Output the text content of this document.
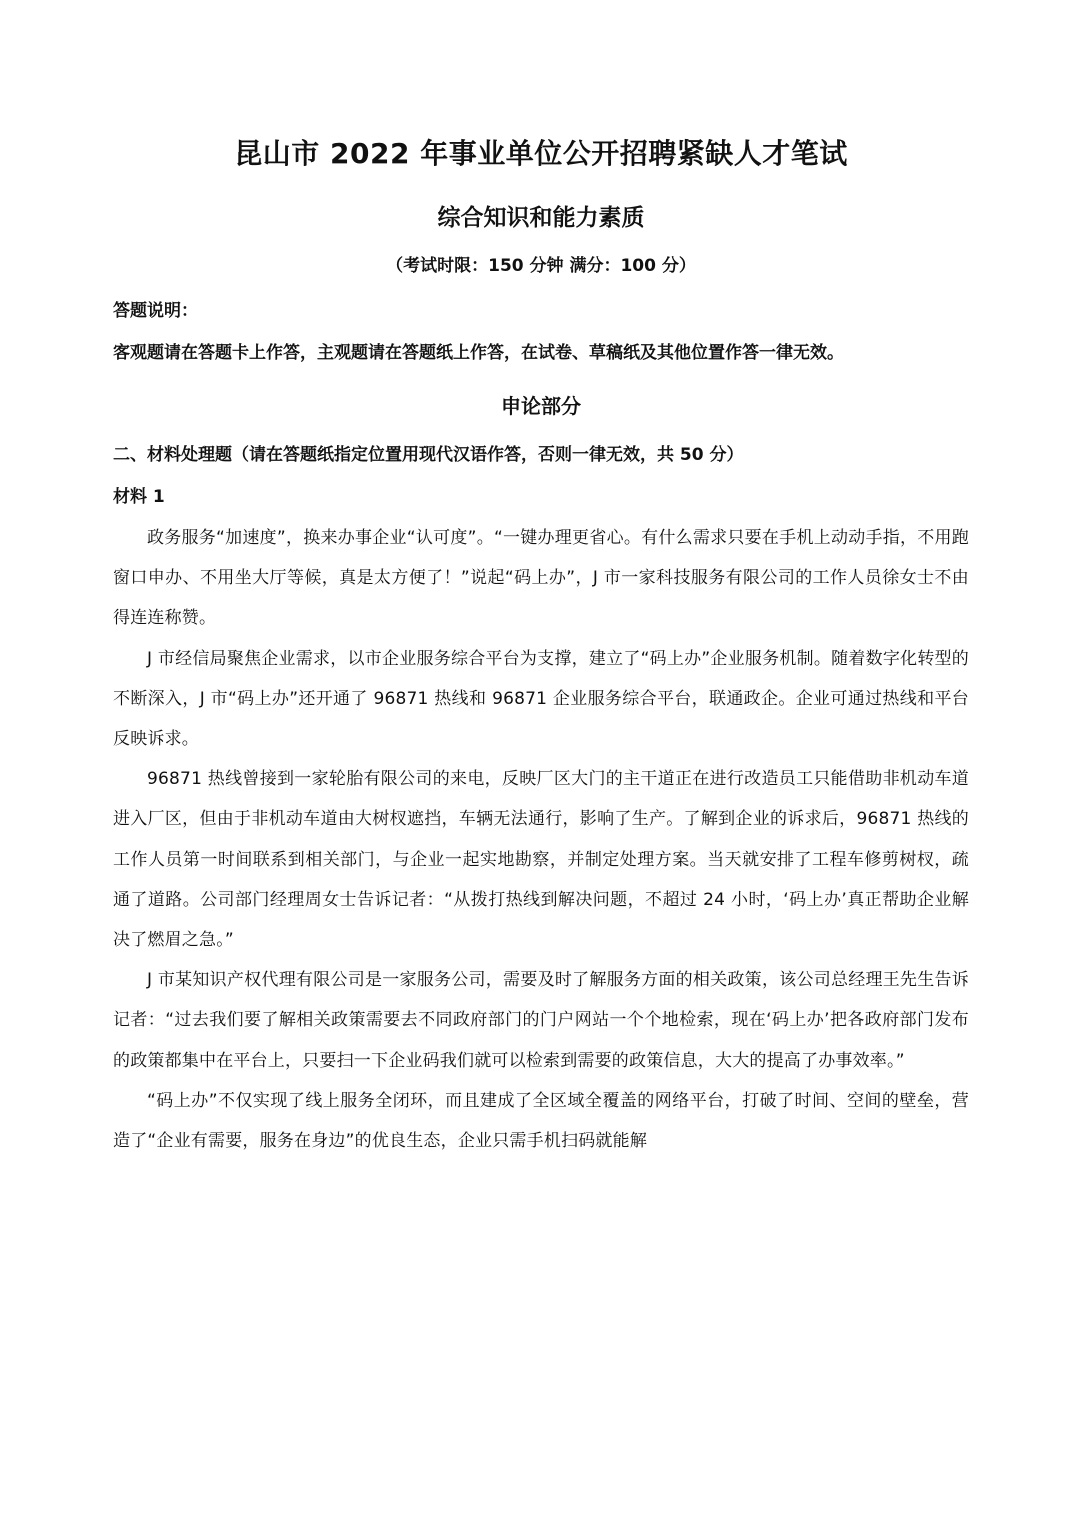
昆山市 2022 年事业单位公开招聘紧缺人才笔试
综合知识和能力素质
（考试时限：150 分钟 满分：100 分）
答题说明：
客观题请在答题卡上作答，主观题请在答题纸上作答，在试卷、草稿纸及其他位置作答一律无效。
申论部分
二、材料处理题（请在答题纸指定位置用现代汉语作答，否则一律无效，共 50 分）
材料 1

政务服务“加速度”，换来办事企业“认可度”。“一键办理更省心。有什么需求只要在手机上动动手指，不用跑窗口申办、不用坐大厅等候，真是太方便了！”说起“码上办”，J 市一家科技服务有限公司的工作人员徐女士不由得连连称赞。

J 市经信局聚焦企业需求，以市企业服务综合平台为支撑，建立了“码上办”企业服务机制。随着数字化转型的不断深入，J 市“码上办”还开通了 96871 热线和 96871 企业服务综合平台，联通政企。企业可通过热线和平台反映诉求。

96871 热线曾接到一家轮胎有限公司的来电，反映厂区大门的主干道正在进行改造员工只能借助非机动车道进入厂区，但由于非机动车道由大树杈遮挡，车辆无法通行，影响了生产。了解到企业的诉求后，96871 热线的工作人员第一时间联系到相关部门，与企业一起实地勘察，并制定处理方案。当天就安排了工程车修剪树杈，疏通了道路。公司部门经理周女士告诉记者：“从拨打热线到解决问题，不超过 24 小时，‘码上办’真正帮助企业解决了燃眉之急。”

J 市某知识产权代理有限公司是一家服务公司，需要及时了解服务方面的相关政策，该公司总经理王先生告诉记者：“过去我们要了解相关政策需要去不同政府部门的门户网站一个个地检索，现在‘码上办’把各政府部门发布的政策都集中在平台上，只要扫一下企业码我们就可以检索到需要的政策信息，大大的提高了办事效率。”

“码上办”不仅实现了线上服务全闭环，而且建成了全区域全覆盖的网络平台，打破了时间、空间的壁垒，营造了“企业有需要，服务在身边”的优良生态，企业只需手机扫码就能解
